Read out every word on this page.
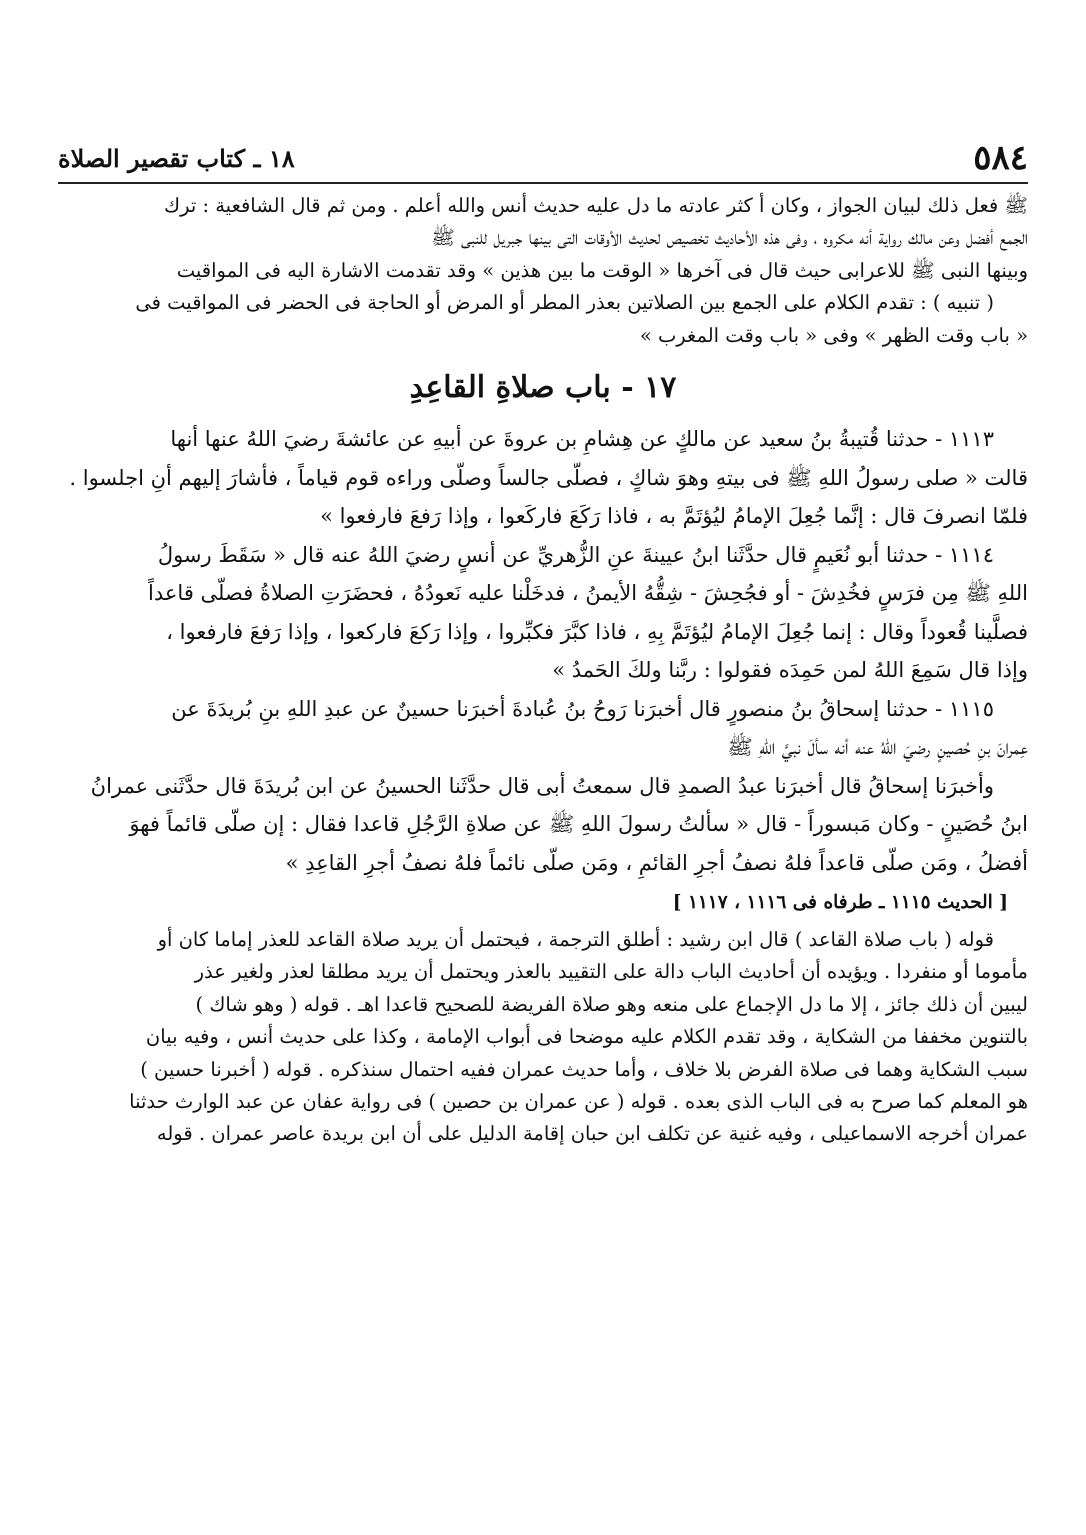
٥٨٤
١٨ ـ كتاب تقصير الصلاة

ﷺ فعل ذلك لبيان الجواز ، وكان أ كثر عادته ما دل عليه حديث أنس والله أعلم . ومن ثم قال الشافعية : ترك

الجمع أفضل وعن مالك رواية أنه مكروه ، وفى هذه الأحاديث تخصيص لحديث الأوقات التى بينها جبريل للنبى ﷺ

وبينها النبى ﷺ للاعرابى حيث قال فى آخرها « الوقت ما بين هذين » وقد تقدمت الاشارة اليه فى المواقيت

( تنبيه ) : تقدم الكلام على الجمع بين الصلاتين بعذر المطر أو المرض أو الحاجة فى الحضر فى المواقيت فى

« باب وقت الظهر » وفى « باب وقت المغرب »

١٧ - باب صلاةِ القاعِدِ

١١١٣ - حدثنا قُتيبةُ بنُ سعيد عن مالكٍ عن هِشامِ بن عروةَ عن أبيهِ عن عائشةَ رضيَ اللهُ عنها أنها

قالت « صلى رسولُ اللهِ ﷺ فى بيتهِ وهوَ شاكٍ ، فصلّى جالساً وصلّى وراءه قوم قياماً ، فأشارَ إليهم أنِ اجلسوا .

فلمّا انصرفَ قال : إنَّما جُعِلَ الإمامُ ليُؤتَمَّ به ، فاذا رَكَعَ فاركَعوا ، وإذا رَفعَ فارفعوا »

١١١٤ - حدثنا أبو نُعَيمٍ قال حدَّثَنا ابنُ عيينةَ عنِ الزُّهريِّ عن أنسٍ رضيَ اللهُ عنه قال « سَقَطَ رسولُ

اللهِ ﷺ مِن فرَسٍ فخُدِشَ - أو فجُحِشَ - شِقُّهُ الأيمنُ ، فدخَلْنا عليه نَعودُهُ ، فحضَرَتِ الصلاةُ فصلّى قاعداً

فصلَّينا قُعوداً وقال : إنما جُعِلَ الإمامُ ليُؤتَمَّ بِهِ ، فاذا كبَّرَ فكبِّروا ، وإذا رَكعَ فاركعوا ، وإذا رَفعَ فارفعوا ،

وإذا قال سَمِعَ اللهُ لمن حَمِدَه فقولوا : ربَّنا ولكَ الحَمدُ »

١١١٥ - حدثنا إسحاقُ بنُ منصورٍ قال أخبرَنا رَوحُ بنُ عُبادةَ أخبرَنا حسينٌ عن عبدِ اللهِ بنِ بُريدَةَ عن

عِمرانَ بنِ حُصينٍ رضيَ اللهُ عنه أنه سألَ نبيَّ اللهِ ﷺ

وأخبرَنا إسحاقُ قال أخبرَنا عبدُ الصمدِ قال سمعتُ أبى قال حدَّثَنا الحسينُ عن ابن بُريدَةَ قال حدَّثَنى عمرانُ

ابنُ حُصَينٍ - وكان مَبسوراً - قال « سألتُ رسولَ اللهِ ﷺ عن صلاةِ الرَّجُلِ قاعدا فقال : إن صلّى قائماً فهوَ

أفضلُ ، ومَن صلّى قاعداً فلهُ نصفُ أجرِ القائمِ ، ومَن صلّى نائماً فلهُ نصفُ أجرِ القاعِدِ »

[ الحديث ١١١٥ ـ طرفاه فى ١١١٦ ، ١١١٧ ]

قوله ( باب صلاة القاعد ) قال ابن رشيد : أطلق الترجمة ، فيحتمل أن يريد صلاة القاعد للعذر إماما كان أو

مأموما أو منفردا . ويؤيده أن أحاديث الباب دالة على التقييد بالعذر ويحتمل أن يريد مطلقا لعذر ولغير عذر

ليبين أن ذلك جائز ، إلا ما دل الإجماع على منعه وهو صلاة الفريضة للصحيح قاعدا اهـ . قوله ( وهو شاك )

بالتنوين مخففا من الشكاية ، وقد تقدم الكلام عليه موضحا فى أبواب الإمامة ، وكذا على حديث أنس ، وفيه بيان

سبب الشكاية وهما فى صلاة الفرض بلا خلاف ، وأما حديث عمران ففيه احتمال سنذكره . قوله ( أخبرنا حسين )

هو المعلم كما صرح به فى الباب الذى بعده . قوله ( عن عمران بن حصين ) فى رواية عفان عن عبد الوارث حدثنا

عمران أخرجه الاسماعيلى ، وفيه غنية عن تكلف ابن حبان إقامة الدليل على أن ابن بريدة عاصر عمران . قوله
